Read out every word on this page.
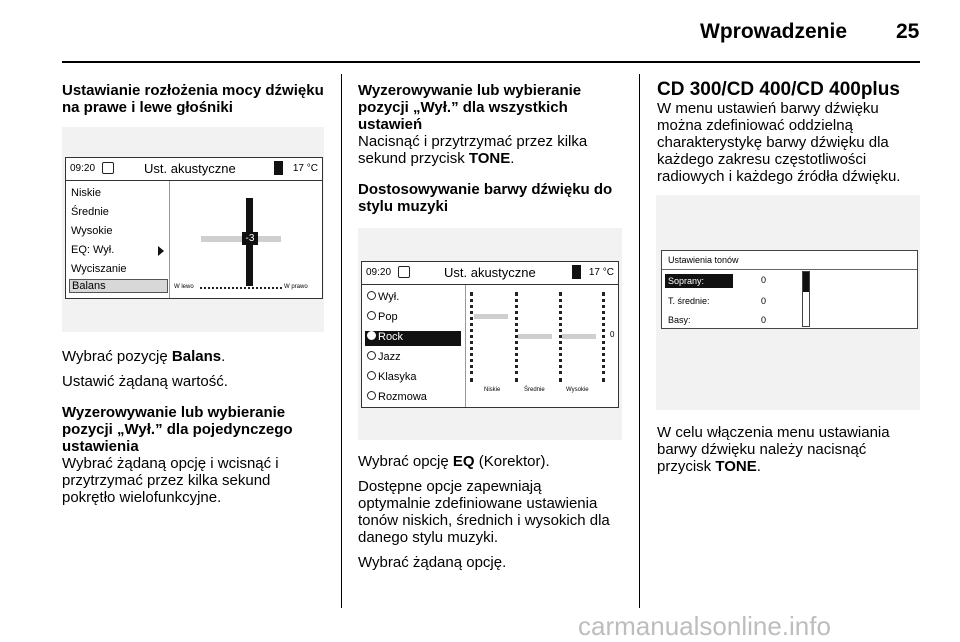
Wprowadzenie 25
Ustawianie rozłożenia mocy dźwięku
na prawe i lewe głośniki
09:20	Ust. akustyczne	17 °C
Niskie
Średnie
Wysokie
EQ: Wył.
Wyciszanie
Balans
-3
W lewo	W prawo
Wybrać pozycję Balans.
Ustawić żądaną wartość.
Wyzerowywanie lub wybieranie
pozycji „Wył.” dla pojedynczego
ustawienia
Wybrać żądaną opcję i wcisnąć i
przytrzymać przez kilka sekund
pokrętło wielofunkcyjne.
Wyzerowywanie lub wybieranie
pozycji „Wył.” dla wszystkich
ustawień
Nacisnąć i przytrzymać przez kilka
sekund przycisk TONE.
Dostosowywanie barwy dźwięku do
stylu muzyki
09:20	Ust. akustyczne	17 °C
Wył.
Pop
Rock
Jazz
Klasyka
Rozmowa
0
Niskie	Średnie	Wysokie
Wybrać opcję EQ (Korektor).
Dostępne opcje zapewniają
optymalnie zdefiniowane ustawienia
tonów niskich, średnich i wysokich dla
danego stylu muzyki.
Wybrać żądaną opcję.
CD 300/CD 400/CD 400plus
W menu ustawień barwy dźwięku
można zdefiniować oddzielną
charakterystykę barwy dźwięku dla
każdego zakresu częstotliwości
radiowych i każdego źródła dźwięku.
Ustawienia tonów
Soprany:	0
T. średnie:	0
Basy:	0
W celu włączenia menu ustawiania
barwy dźwięku należy nacisnąć
przycisk TONE.
carmanualsonline.info
